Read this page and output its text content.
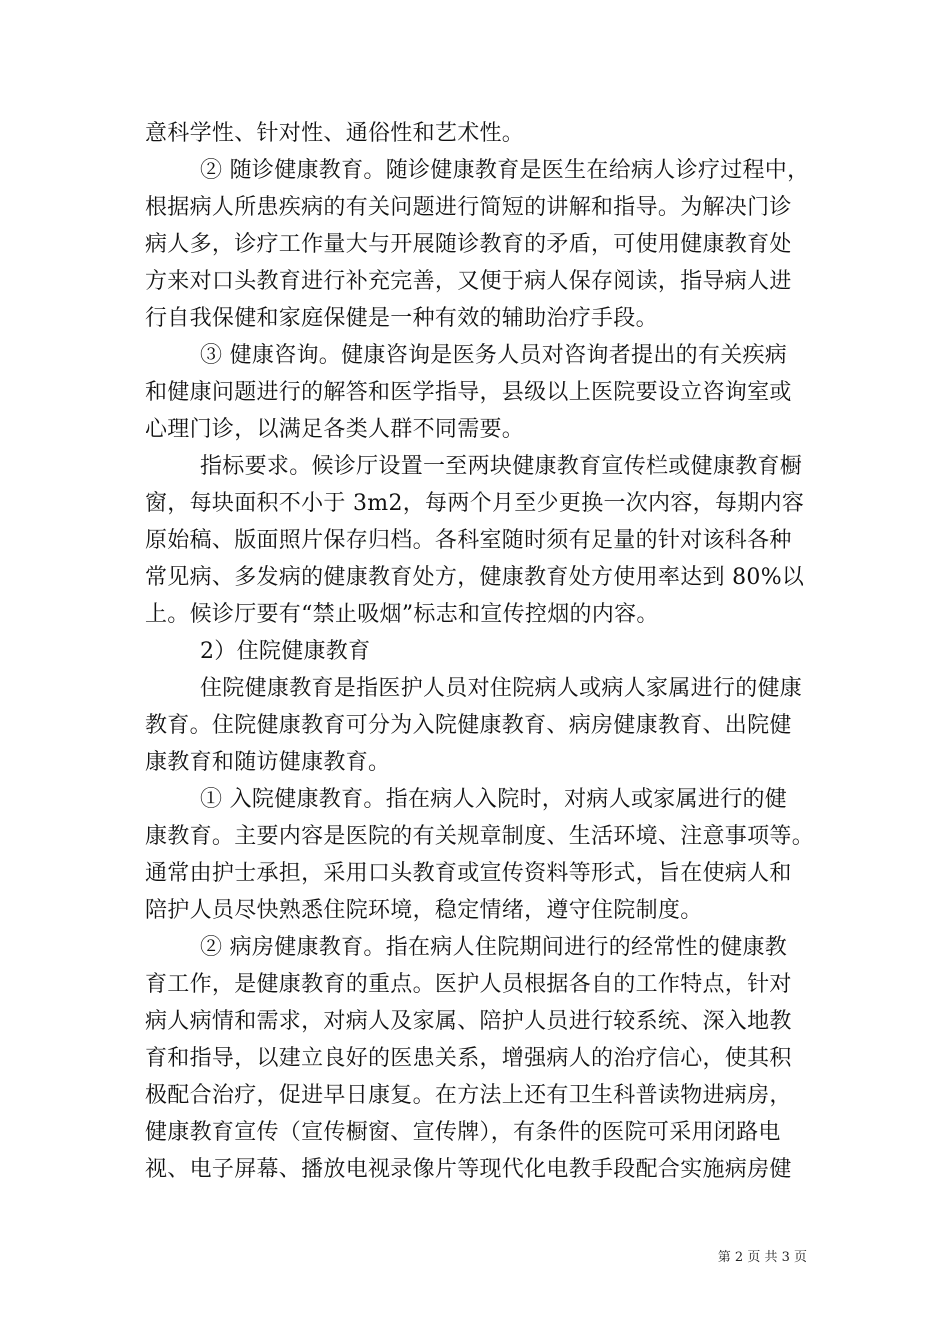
意科学性、针对性、通俗性和艺术性。
② 随诊健康教育。随诊健康教育是医生在给病人诊疗过程中，
根据病人所患疾病的有关问题进行简短的讲解和指导。为解决门诊
病人多，诊疗工作量大与开展随诊教育的矛盾，可使用健康教育处
方来对口头教育进行补充完善，又便于病人保存阅读，指导病人进
行自我保健和家庭保健是一种有效的辅助治疗手段。
③ 健康咨询。健康咨询是医务人员对咨询者提出的有关疾病
和健康问题进行的解答和医学指导，县级以上医院要设立咨询室或
心理门诊，以满足各类人群不同需要。
指标要求。候诊厅设置一至两块健康教育宣传栏或健康教育橱
窗，每块面积不小于 3m2，每两个月至少更换一次内容，每期内容
原始稿、版面照片保存归档。各科室随时须有足量的针对该科各种
常见病、多发病的健康教育处方，健康教育处方使用率达到 80%以
上。候诊厅要有“禁止吸烟”标志和宣传控烟的内容。
2）住院健康教育
住院健康教育是指医护人员对住院病人或病人家属进行的健康
教育。住院健康教育可分为入院健康教育、病房健康教育、出院健
康教育和随访健康教育。
① 入院健康教育。指在病人入院时，对病人或家属进行的健
康教育。主要内容是医院的有关规章制度、生活环境、注意事项等。
通常由护士承担，采用口头教育或宣传资料等形式，旨在使病人和
陪护人员尽快熟悉住院环境，稳定情绪，遵守住院制度。
② 病房健康教育。指在病人住院期间进行的经常性的健康教
育工作，是健康教育的重点。医护人员根据各自的工作特点，针对
病人病情和需求，对病人及家属、陪护人员进行较系统、深入地教
育和指导，以建立良好的医患关系，增强病人的治疗信心，使其积
极配合治疗，促进早日康复。在方法上还有卫生科普读物进病房，
健康教育宣传（宣传橱窗、宣传牌），有条件的医院可采用闭路电
视、电子屏幕、播放电视录像片等现代化电教手段配合实施病房健
第 2 页 共 3 页
